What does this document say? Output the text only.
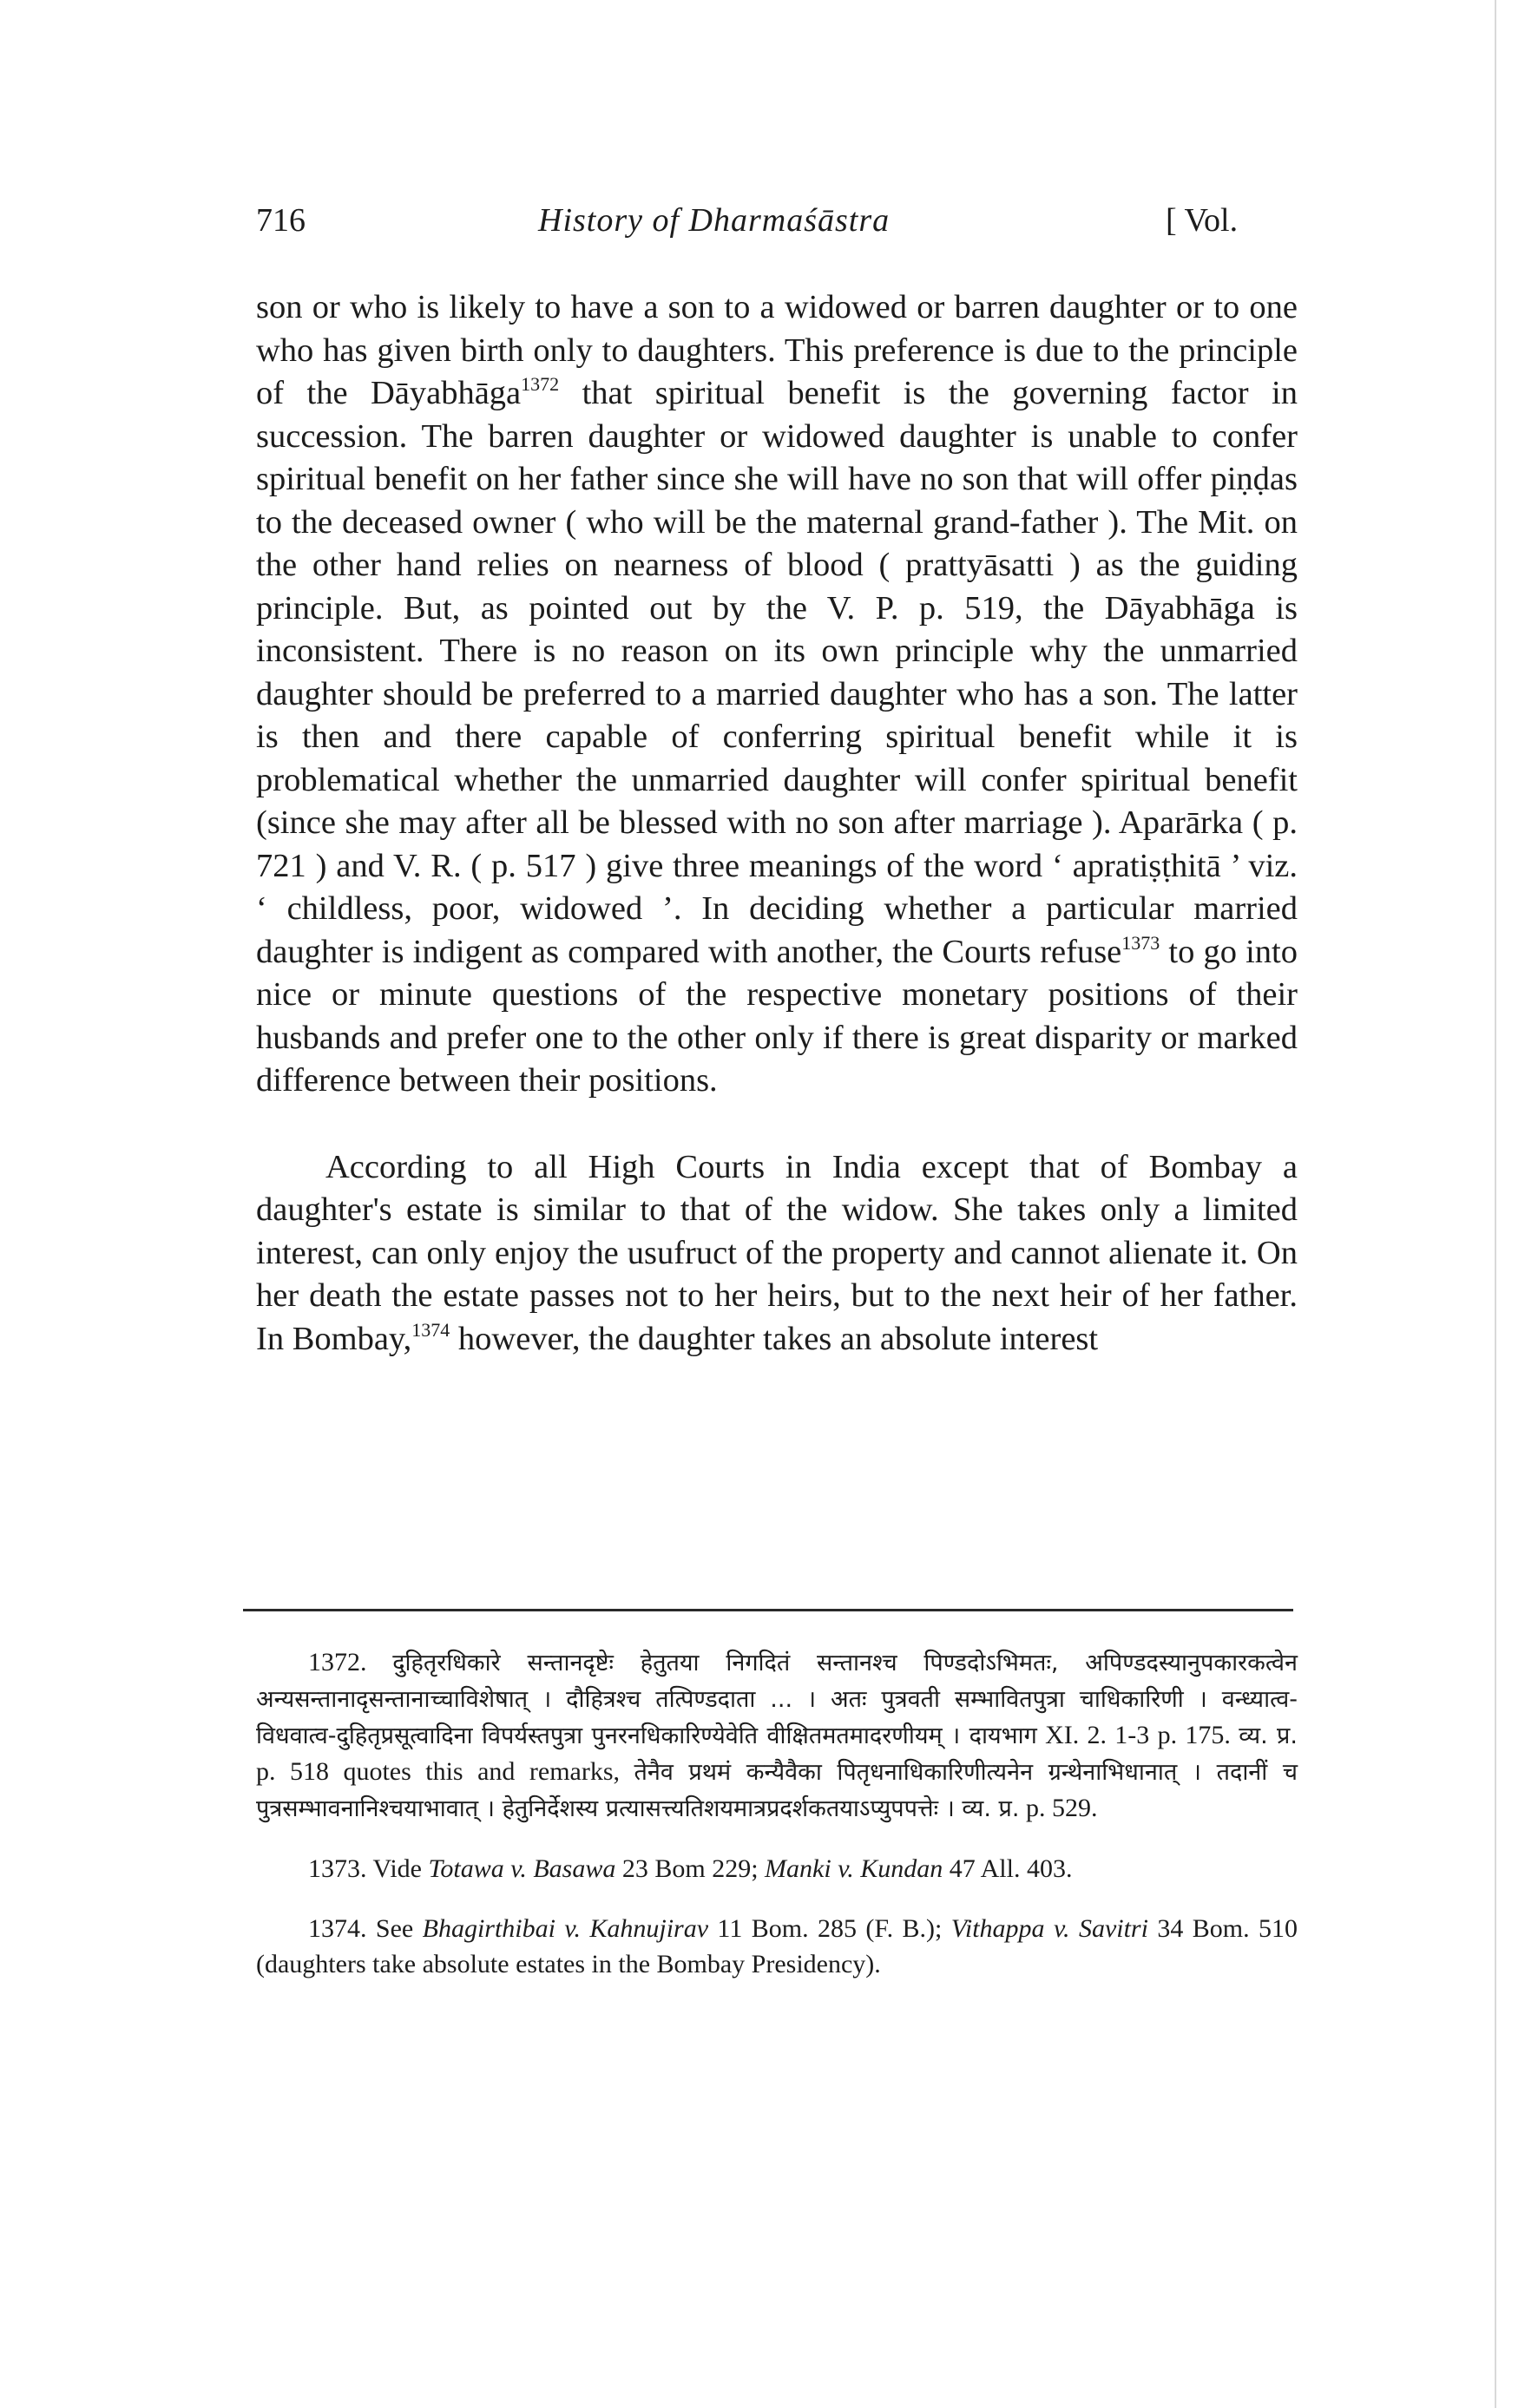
716	History of Dharmaśāstra	[ Vol.

son or who is likely to have a son to a widowed or barren daughter or to one who has given birth only to daughters. This preference is due to the principle of the Dāyabhāga$^{1372}$ that spiritual benefit is the governing factor in succession. The barren daughter or widowed daughter is unable to confer spiritual benefit on her father since she will have no son that will offer piṇḍas to the deceased owner ( who will be the maternal grand-father ). The Mit. on the other hand relies on nearness of blood ( prattyāsatti ) as the guiding principle. But, as pointed out by the V. P. p. 519, the Dāyabhāga is inconsistent. There is no reason on its own principle why the unmarried daughter should be preferred to a married daughter who has a son. The latter is then and there capable of conferring spiritual benefit while it is problematical whether the unmarried daughter will confer spiritual benefit (since she may after all be blessed with no son after marriage ). Aparārka ( p. 721 ) and V. R. ( p. 517 ) give three meanings of the word ‘ apratiṣṭhitā ’ viz. ‘ childless, poor, widowed ’. In deciding whether a particular married daughter is indigent as compared with another, the Courts refuse$^{1373}$ to go into nice or minute questions of the respective monetary positions of their husbands and prefer one to the other only if there is great disparity or marked difference between their positions.

According to all High Courts in India except that of Bombay a daughter's estate is similar to that of the widow. She takes only a limited interest, can only enjoy the usufruct of the property and cannot alienate it. On her death the estate passes not to her heirs, but to the next heir of her father. In Bombay,$^{1374}$ however, the daughter takes an absolute interest

1372. दुहितृरधिकारे सन्तानदृष्टेः हेतुतया निगदितं सन्तानश्च पिण्डदोऽभिमतः, अपिण्डदस्यानुपकारकत्वेन अन्यसन्तानादृसन्तानाच्चाविशेषात् । दौहित्रश्च तत्पिण्डदाता ... । अतः पुत्रवती सम्भावितपुत्रा चाधिकारिणी । वन्ध्यात्व-विधवात्व-दुहितृप्रसूत्वादिना विपर्यस्तपुत्रा पुनरनधिकारिण्येवेति वीक्षितमतमादरणीयम् । दायभाग XI. 2. 1-3 p. 175. व्य. प्र. p. 518 quotes this and remarks, तेनैव प्रथमं कन्यैवैका पितृधनाधिकारिणीत्यनेन ग्रन्थेनाभिधानात् । तदानीं च पुत्रसम्भावनानिश्चयाभावात् । हेतुनिर्देशस्य प्रत्यासत्त्यतिशयमात्रप्रदर्शकतयाऽप्युपपत्तेः । व्य. प्र. p. 529.

1373. Vide Totawa v. Basawa 23 Bom 229; Manki v. Kundan 47 All. 403.

1374. See Bhagirthibai v. Kahnujirav 11 Bom. 285 (F. B.); Vithappa v. Savitri 34 Bom. 510 (daughters take absolute estates in the Bombay Presidency).
